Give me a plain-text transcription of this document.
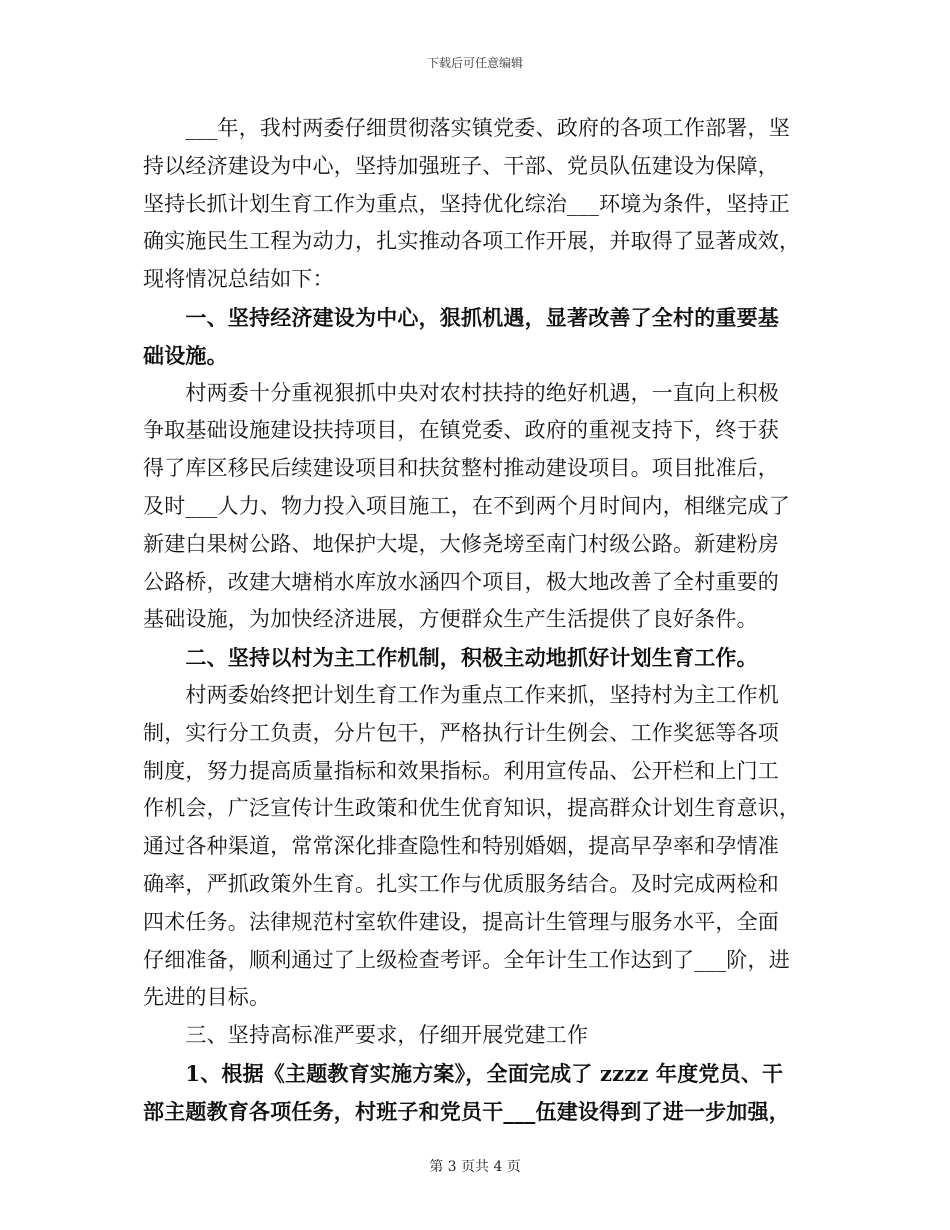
下载后可任意编辑
　　___年，我村两委仔细贯彻落实镇党委、政府的各项工作部署，坚
持以经济建设为中心，坚持加强班子、干部、党员队伍建设为保障，
坚持长抓计划生育工作为重点，坚持优化综治___环境为条件，坚持正
确实施民生工程为动力，扎实推动各项工作开展，并取得了显著成效，
现将情况总结如下：
　　一、坚持经济建设为中心，狠抓机遇，显著改善了全村的重要基
础设施。
　　村两委十分重视狠抓中央对农村扶持的绝好机遇，一直向上积极
争取基础设施建设扶持项目，在镇党委、政府的重视支持下，终于获
得了库区移民后续建设项目和扶贫整村推动建设项目。项目批准后，
及时___人力、物力投入项目施工，在不到两个月时间内，相继完成了
新建白果树公路、地保护大堤，大修尧塝至南门村级公路。新建粉房
公路桥，改建大塘梢水库放水涵四个项目，极大地改善了全村重要的
基础设施，为加快经济进展，方便群众生产生活提供了良好条件。
　　二、坚持以村为主工作机制，积极主动地抓好计划生育工作。
　　村两委始终把计划生育工作为重点工作来抓，坚持村为主工作机
制，实行分工负责，分片包干，严格执行计生例会、工作奖惩等各项
制度，努力提高质量指标和效果指标。利用宣传品、公开栏和上门工
作机会，广泛宣传计生政策和优生优育知识，提高群众计划生育意识，
通过各种渠道，常常深化排查隐性和特别婚姻，提高早孕率和孕情准
确率，严抓政策外生育。扎实工作与优质服务结合。及时完成两检和
四术任务。法律规范村室软件建设，提高计生管理与服务水平，全面
仔细准备，顺利通过了上级检查考评。全年计生工作达到了___阶，进
先进的目标。
　　三、坚持高标准严要求，仔细开展党建工作
　　1、根据《主题教育实施方案》，全面完成了 zzzz 年度党员、干
部主题教育各项任务，村班子和党员干___伍建设得到了进一步加强，
第 3 页共 4 页
